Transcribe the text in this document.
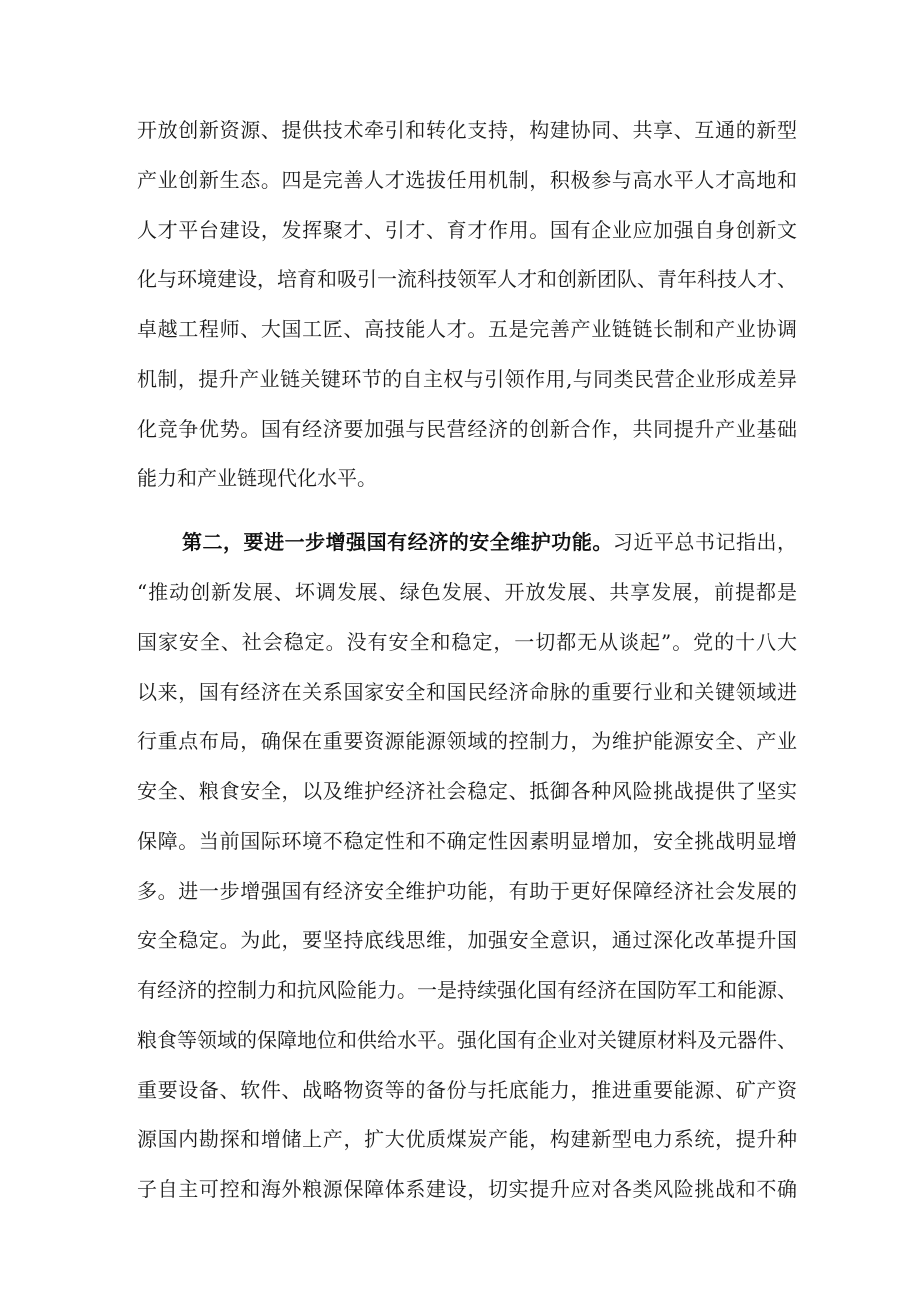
开放创新资源、提供技术牵引和转化支持，构建协同、共享、互通的新型

产业创新生态。四是完善人才选拔任用机制，积极参与高水平人才高地和

人才平台建设，发挥聚才、引才、育才作用。国有企业应加强自身创新文

化与环境建设，培育和吸引一流科技领军人才和创新团队、青年科技人才、

卓越工程师、大国工匠、高技能人才。五是完善产业链链长制和产业协调

机制，提升产业链关键环节的自主权与引领作用,与同类民营企业形成差异

化竞争优势。国有经济要加强与民营经济的创新合作，共同提升产业基础

能力和产业链现代化水平。

第二，要进一步增强国有经济的安全维护功能。习近平总书记指出，

“推动创新发展、坏调发展、绿色发展、开放发展、共享发展，前提都是

国家安全、社会稳定。没有安全和稳定，一切都无从谈起”。党的十八大

以来，国有经济在关系国家安全和国民经济命脉的重要行业和关键领域进

行重点布局，确保在重要资源能源领域的控制力，为维护能源安全、产业

安全、粮食安全，以及维护经济社会稳定、抵御各种风险挑战提供了坚实

保障。当前国际环境不稳定性和不确定性因素明显增加，安全挑战明显增

多。进一步增强国有经济安全维护功能，有助于更好保障经济社会发展的

安全稳定。为此，要坚持底线思维，加强安全意识，通过深化改革提升国

有经济的控制力和抗风险能力。一是持续强化国有经济在国防军工和能源、

粮食等领域的保障地位和供给水平。强化国有企业对关键原材料及元器件、

重要设备、软件、战略物资等的备份与托底能力，推进重要能源、矿产资

源国内勘探和增储上产，扩大优质煤炭产能，构建新型电力系统，提升种

子自主可控和海外粮源保障体系建设，切实提升应对各类风险挑战和不确
